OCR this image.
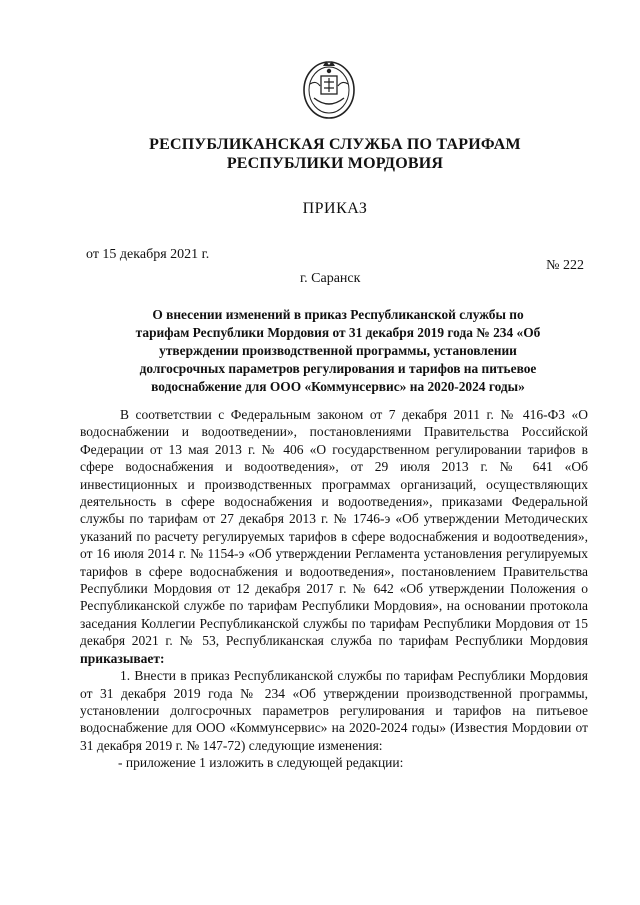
РЕСПУБЛИКАНСКАЯ СЛУЖБА ПО ТАРИФАМ
РЕСПУБЛИКИ МОРДОВИЯ
ПРИКАЗ
от 15 декабря 2021 г.
№ 222
г. Саранск
О внесении изменений в приказ Республиканской службы по
тарифам Республики Мордовия от 31 декабря 2019 года № 234 «Об
утверждении производственной программы, установлении
долгосрочных параметров регулирования и тарифов на питьевое
водоснабжение для ООО «Коммунсервис» на 2020-2024 годы»

В соответствии с Федеральным законом от 7 декабря 2011 г. № 416-ФЗ «О водоснабжении и водоотведении», постановлениями Правительства Российской Федерации от 13 мая 2013 г. № 406 «О государственном регулировании тарифов в сфере водоснабжения и водоотведения», от 29 июля 2013 г. № 641 «Об инвестиционных и производственных программах организаций, осуществляющих деятельность в сфере водоснабжения и водоотведения», приказами Федеральной службы по тарифам от 27 декабря 2013 г. № 1746-э «Об утверждении Методических указаний по расчету регулируемых тарифов в сфере водоснабжения и водоотведения», от 16 июля 2014 г. № 1154-э «Об утверждении Регламента установления регулируемых тарифов в сфере водоснабжения и водоотведения», постановлением Правительства Республики Мордовия от 12 декабря 2017 г. № 642 «Об утверждении Положения о Республиканской службе по тарифам Республики Мордовия», на основании протокола заседания Коллегии Республиканской службы по тарифам Республики Мордовия от 15 декабря 2021 г. № 53, Республиканская служба по тарифам Республики Мордовия приказывает:

1. Внести в приказ Республиканской службы по тарифам Республики Мордовия от 31 декабря 2019 года № 234 «Об утверждении производственной программы, установлении долгосрочных параметров регулирования и тарифов на питьевое водоснабжение для ООО «Коммунсервис» на 2020-2024 годы» (Известия Мордовии от 31 декабря 2019 г. № 147-72) следующие изменения:

- приложение 1 изложить в следующей редакции:
